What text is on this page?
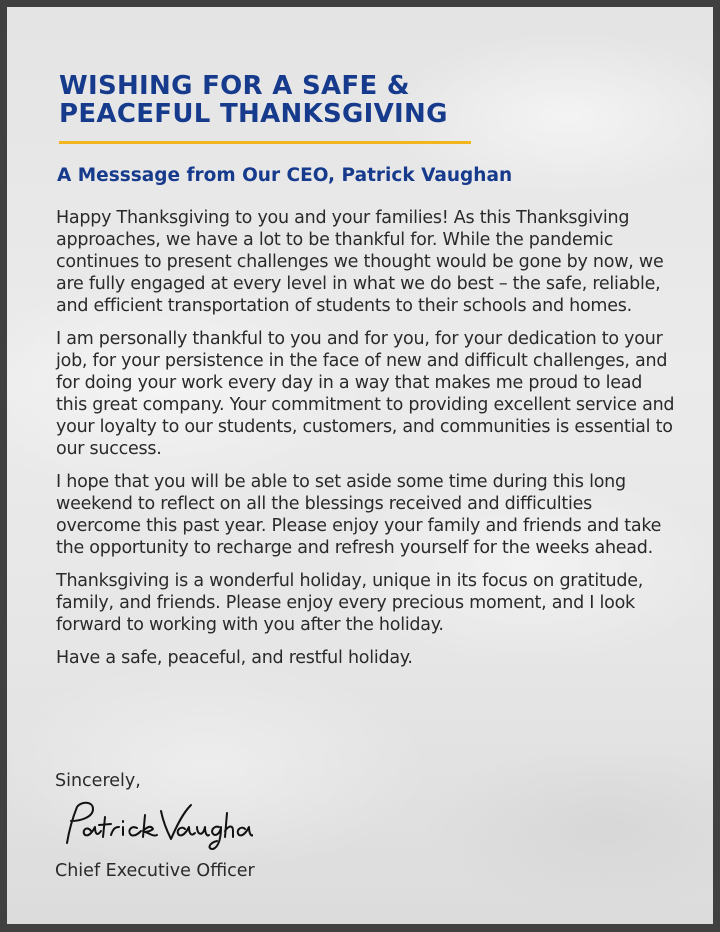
WISHING FOR A SAFE & PEACEFUL THANKSGIVING
A Messsage from Our CEO, Patrick Vaughan

Happy Thanksgiving to you and your families! As this Thanksgiving approaches, we have a lot to be thankful for. While the pandemic continues to present challenges we thought would be gone by now, we are fully engaged at every level in what we do best – the safe, reliable, and efficient transportation of students to their schools and homes.

I am personally thankful to you and for you, for your dedication to your job, for your persistence in the face of new and difficult challenges, and for doing your work every day in a way that makes me proud to lead this great company. Your commitment to providing excellent service and your loyalty to our students, customers, and communities is essential to our success.

I hope that you will be able to set aside some time during this long weekend to reflect on all the blessings received and difficulties overcome this past year. Please enjoy your family and friends and take the opportunity to recharge and refresh yourself for the weeks ahead.

Thanksgiving is a wonderful holiday, unique in its focus on gratitude, family, and friends. Please enjoy every precious moment, and I look forward to working with you after the holiday.

Have a safe, peaceful, and restful holiday.

Sincerely,
Chief Executive Officer
